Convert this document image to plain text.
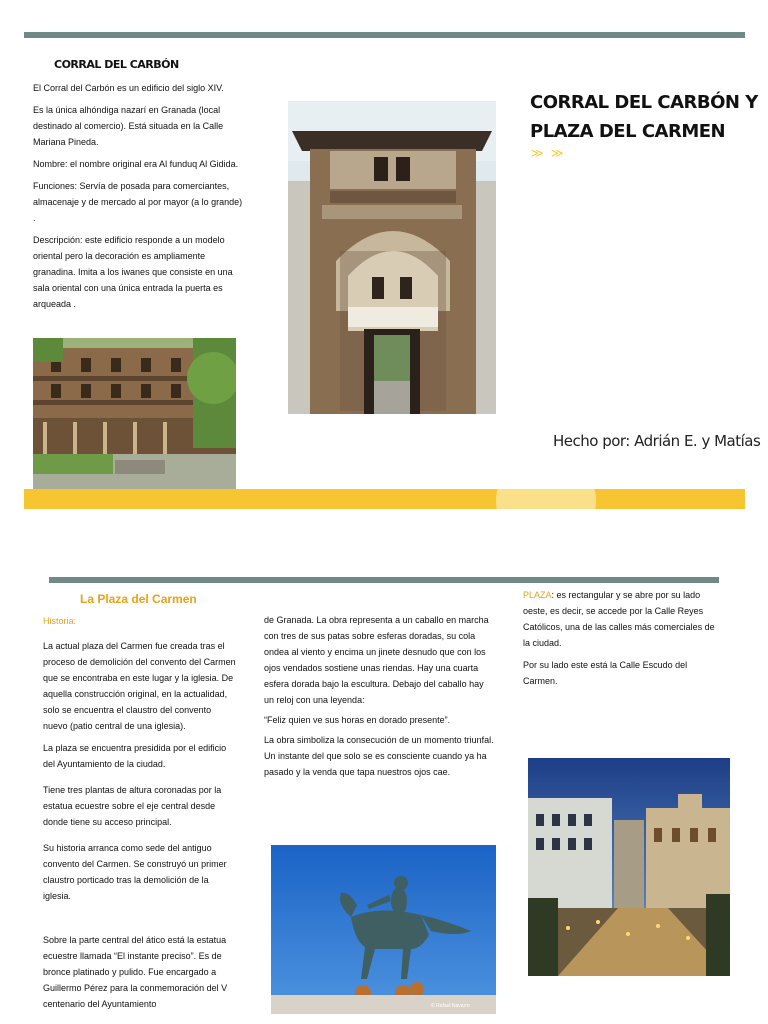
CORRAL DEL CARBÓN

El Corral del Carbón es un edificio del siglo XIV.

Es la única alhóndiga nazarí en Granada (local destinado al comercio). Está situada en la Calle Mariana Pineda.

Nombre: el nombre original era Al funduq Al Gidida.

Funciones: Servía de posada para comerciantes, almacenaje y de mercado al por mayor (a lo grande) .

Descripción: este edificio responde a un modelo oriental pero la decoración es ampliamente granadina. Imita a los iwanes que consiste en una sala oriental con una única entrada la puerta es arqueada .

CORRAL DEL CARBÓN Y
PLAZA DEL CARMEN
≫ ≫
Hecho por: Adrián E. y Matías
La Plaza del Carmen
Historia:

La actual plaza del Carmen fue creada tras el proceso de demolición del convento del Carmen que se encontraba en este lugar y la iglesia. De aquella construcción original, en la actualidad, solo se encuentra el claustro del convento nuevo (patio central de una iglesia).

La plaza se encuentra presidida por el edificio del Ayuntamiento de la ciudad.

Tiene tres plantas de altura coronadas por la estatua ecuestre sobre el eje central desde donde tiene su acceso principal.

Su historia arranca como sede del antiguo convento del Carmen. Se construyó un primer claustro porticado tras la demolición de la iglesia.

Sobre la parte central del ático está la estatua ecuestre llamada “El instante preciso”. Es de bronce platinado y pulido. Fue encargado a Guillermo Pérez para la conmemoración del V centenario del Ayuntamiento

de Granada. La obra representa a un caballo en marcha con tres de sus patas sobre esferas doradas, su cola ondea al viento y encima un jinete desnudo que con los ojos vendados sostiene unas riendas. Hay una cuarta esfera dorada bajo la escultura. Debajo del caballo hay un reloj con una leyenda:

“Feliz quien ve sus horas en dorado presente”.

La obra simboliza la consecución de un momento triunfal. Un instante del que solo se es consciente cuando ya ha pasado y la venda que tapa nuestros ojos cae.

PLAZA: es rectangular y se abre por su lado oeste, es decir, se accede por la Calle Reyes Católicos, una de las calles más comerciales de la ciudad.

Por su lado este está la Calle Escudo del Carmen.

© Rafael Navarro
